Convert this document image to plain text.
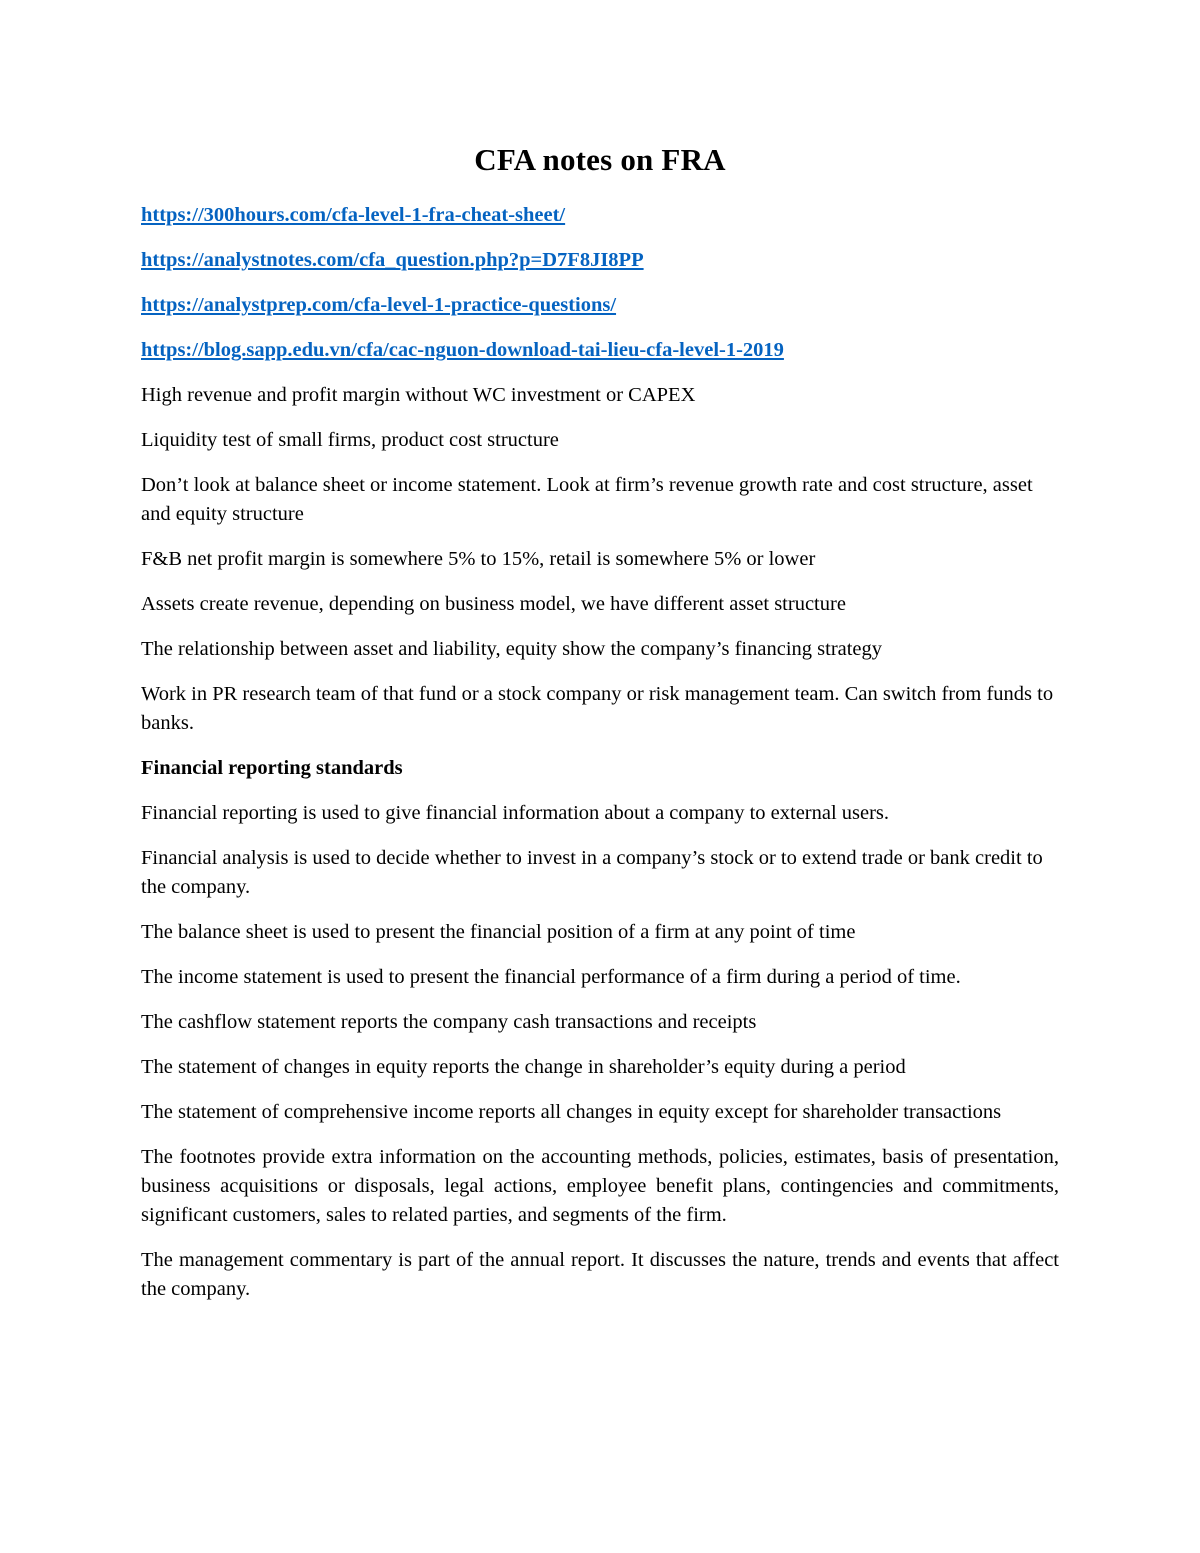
CFA notes on FRA
https://300hours.com/cfa-level-1-fra-cheat-sheet/
https://analystnotes.com/cfa_question.php?p=D7F8JI8PP
https://analystprep.com/cfa-level-1-practice-questions/
https://blog.sapp.edu.vn/cfa/cac-nguon-download-tai-lieu-cfa-level-1-2019

High revenue and profit margin without WC investment or CAPEX

Liquidity test of small firms, product cost structure

Don’t look at balance sheet or income statement. Look at firm’s revenue growth rate and cost structure, asset and equity structure

F&B net profit margin is somewhere 5% to 15%, retail is somewhere 5% or lower

Assets create revenue, depending on business model, we have different asset structure

The relationship between asset and liability, equity show the company’s financing strategy

Work in PR research team of that fund or a stock company or risk management team. Can switch from funds to banks.

Financial reporting standards

Financial reporting is used to give financial information about a company to external users.

Financial analysis is used to decide whether to invest in a company’s stock or to extend trade or bank credit to the company.

The balance sheet is used to present the financial position of a firm at any point of time

The income statement is used to present the financial performance of a firm during a period of time.

The cashflow statement reports the company cash transactions and receipts

The statement of changes in equity reports the change in shareholder’s equity during a period

The statement of comprehensive income reports all changes in equity except for shareholder transactions

The footnotes provide extra information on the accounting methods, policies, estimates, basis of presentation, business acquisitions or disposals, legal actions, employee benefit plans, contingencies and commitments, significant customers, sales to related parties, and segments of the firm.

The management commentary is part of the annual report. It discusses the nature, trends and events that affect the company.
